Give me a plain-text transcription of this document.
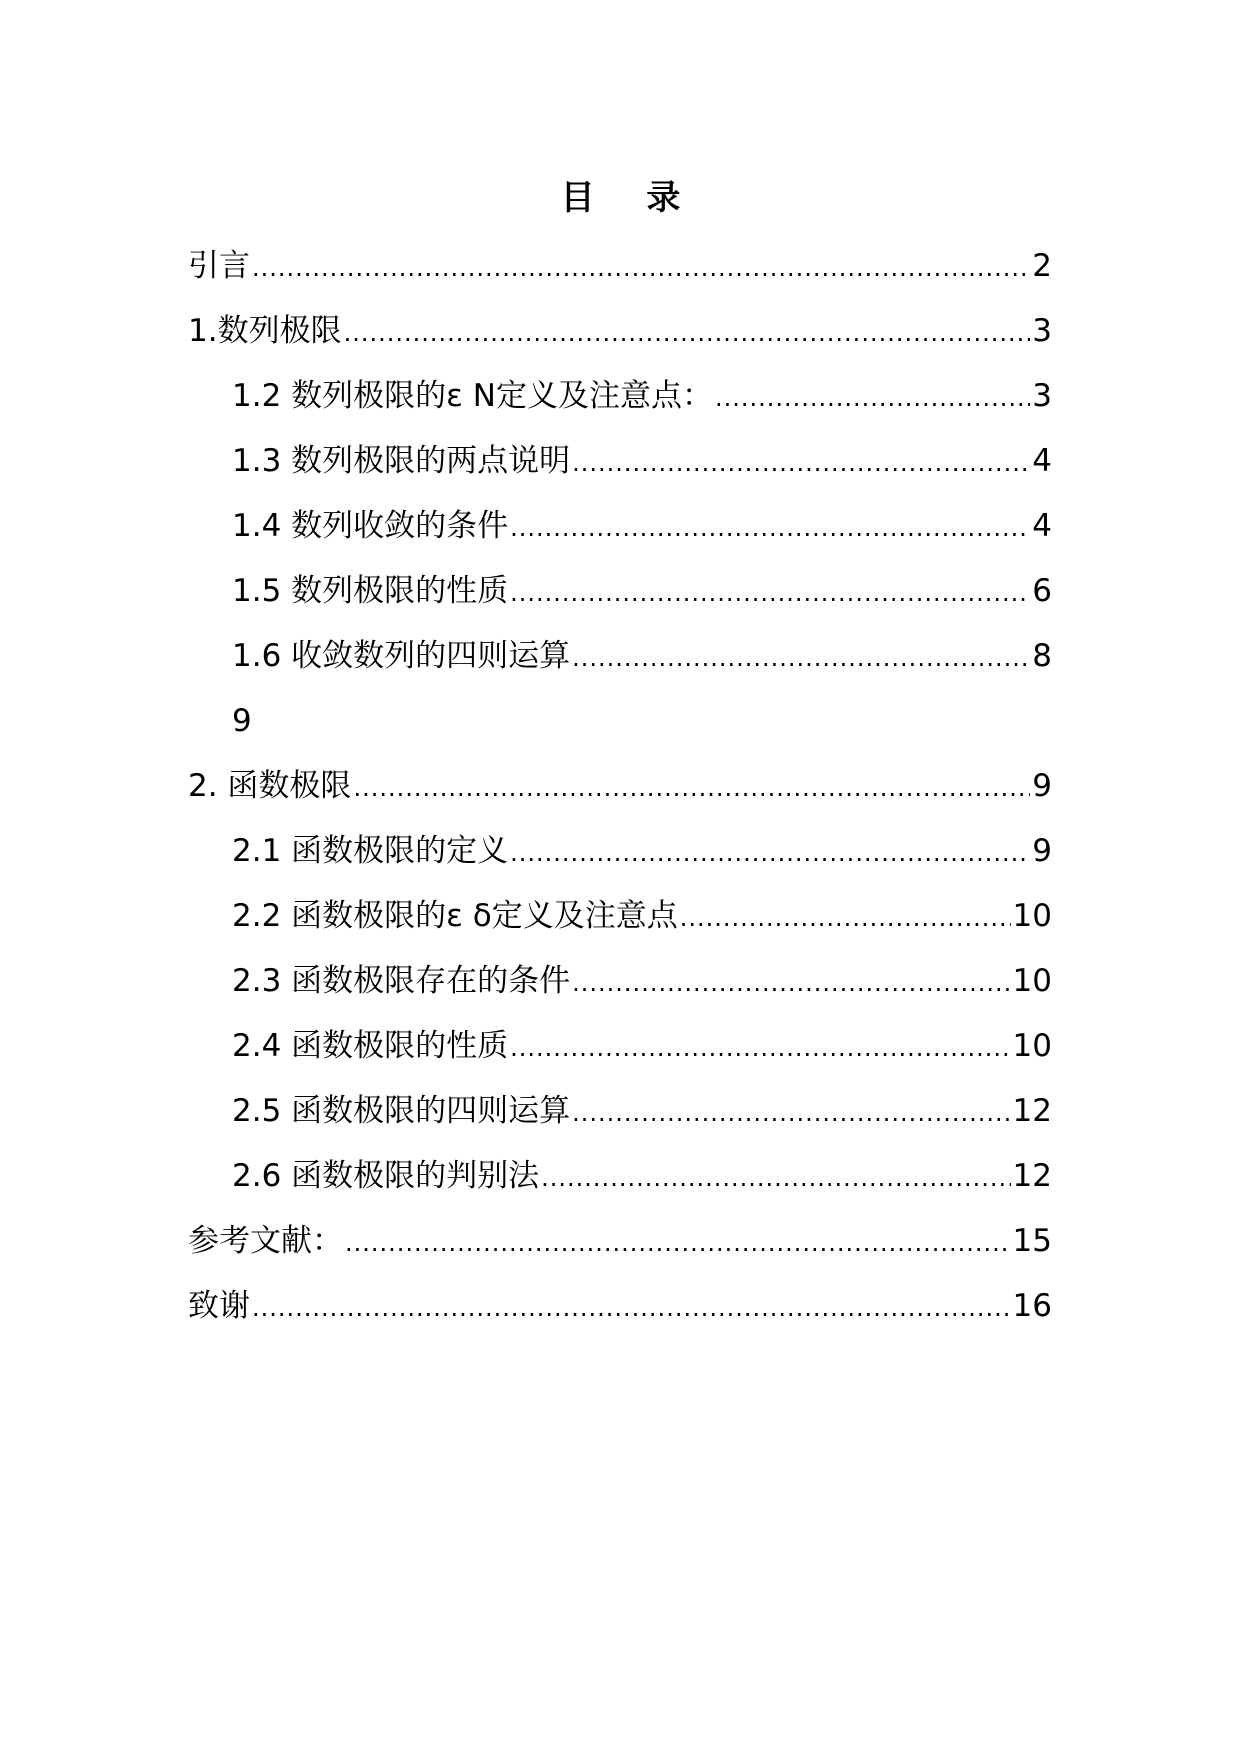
目 录
引言 .....	2
1.数列极限 .....	3
1.2 数列极限的ε N定义及注意点： .....	3
1.3 数列极限的两点说明 .....	4
1.4 数列收敛的条件 .....	4
1.5 数列极限的性质 .....	6
1.6 收敛数列的四则运算 .....	8
9
2. 函数极限 .....	9
2.1 函数极限的定义 .....	9
2.2 函数极限的ε δ定义及注意点 .....	10
2.3 函数极限存在的条件 .....	10
2.4 函数极限的性质 .....	10
2.5 函数极限的四则运算 .....	12
2.6 函数极限的判别法 .....	12
参考文献： .....	15
致谢 .....	16
